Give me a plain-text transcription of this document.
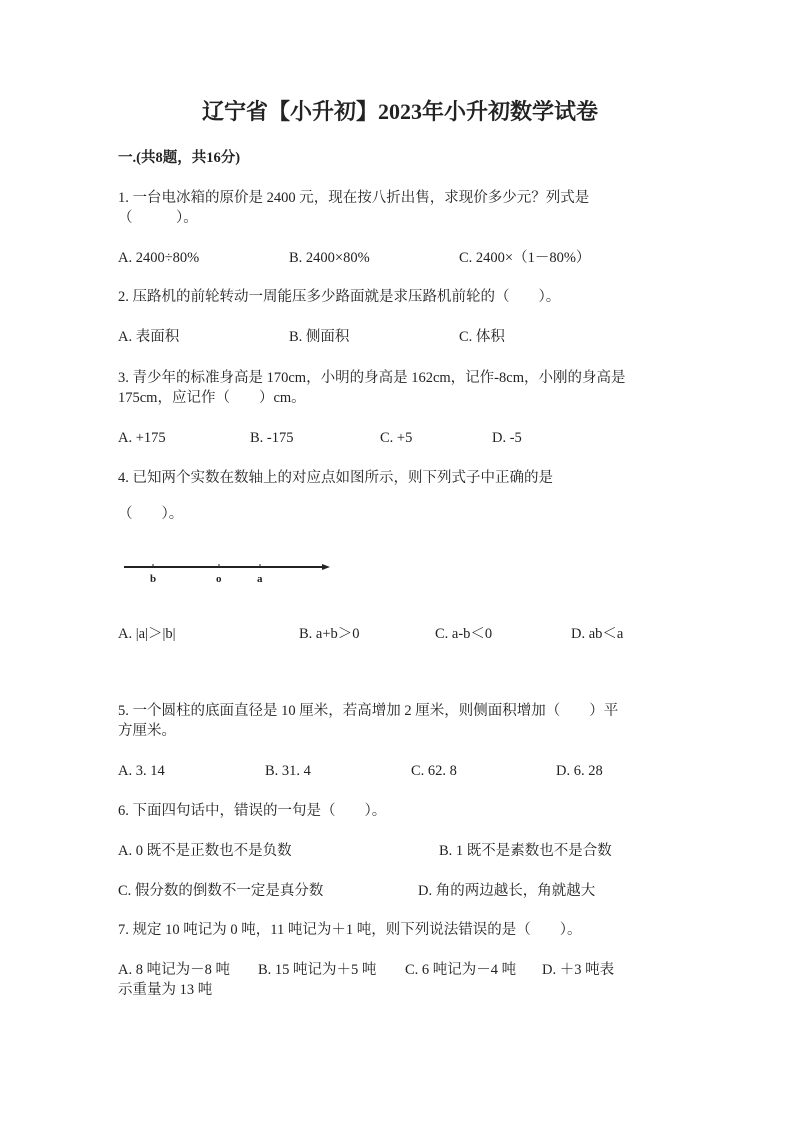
辽宁省【小升初】2023年小升初数学试卷
一.(共8题，共16分)
1. 一台电冰箱的原价是 2400 元，现在按八折出售，求现价多少元？列式是
（　　　）。
A. 2400÷80%	B. 2400×80%	C. 2400×（1－80%）
2. 压路机的前轮转动一周能压多少路面就是求压路机前轮的（　　）。
A. 表面积	B. 侧面积	C. 体积
3. 青少年的标准身高是 170cm，小明的身高是 162cm，记作-8cm，小刚的身高是
175cm，应记作（　　）cm。
A. +175	B. -175	C. +5	D. -5
4. 已知两个实数在数轴上的对应点如图所示，则下列式子中正确的是
（　　）。
b	o	a
A. |a|＞|b|	B. a+b＞0	C. a-b＜0	D. ab＜a
5. 一个圆柱的底面直径是 10 厘米，若高增加 2 厘米，则侧面积增加（　　）平
方厘米。
A. 3. 14	B. 31. 4	C. 62. 8	D. 6. 28
6. 下面四句话中，错误的一句是（　　）。
A. 0 既不是正数也不是负数	B. 1 既不是素数也不是合数
C. 假分数的倒数不一定是真分数	D. 角的两边越长，角就越大
7. 规定 10 吨记为 0 吨，11 吨记为＋1 吨，则下列说法错误的是（　　）。
A. 8 吨记为－8 吨 B. 15 吨记为＋5 吨 C. 6 吨记为－4 吨 D. ＋3 吨表
示重量为 13 吨
